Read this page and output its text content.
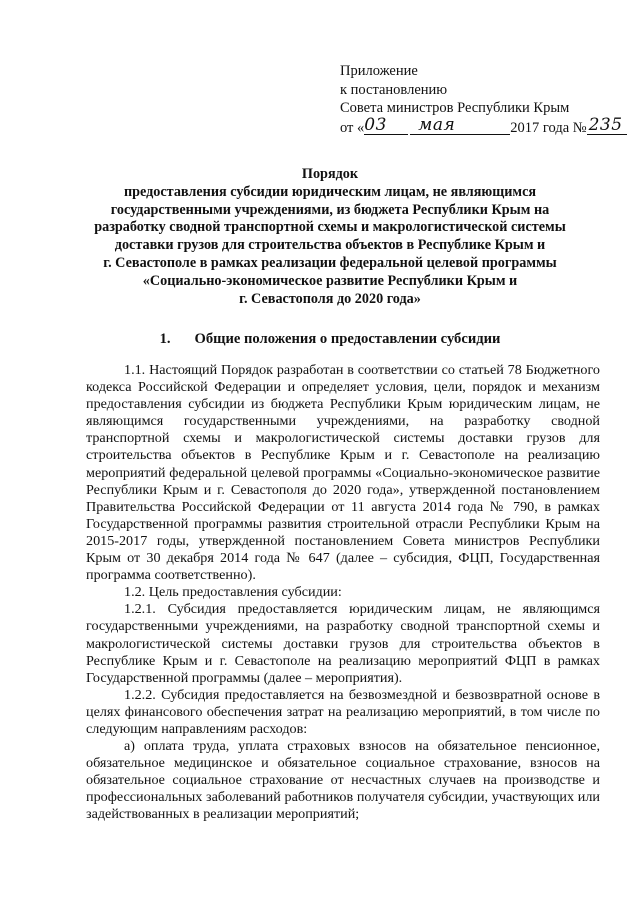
Приложение
к постановлению
Совета министров Республики Крым
от «03 мая	2017 года № 235
Порядок
предоставления субсидии юридическим лицам, не являющимся
государственными учреждениями, из бюджета Республики Крым на
разработку сводной транспортной схемы и макрологистической системы
доставки грузов для строительства объектов в Республике Крым и
г. Севастополе в рамках реализации федеральной целевой программы
«Социально-экономическое развитие Республики Крым и
г. Севастополя до 2020 года»
1. Общие положения о предоставлении субсидии

1.1. Настоящий Порядок разработан в соответствии со статьей 78 Бюджетного кодекса Российской Федерации и определяет условия, цели, порядок и механизм предоставления субсидии из бюджета Республики Крым юридическим лицам, не являющимся государственными учреждениями, на разработку сводной транспортной схемы и макрологистической системы доставки грузов для строительства объектов в Республике Крым и г. Севастополе на реализацию мероприятий федеральной целевой программы «Социально-экономическое развитие Республики Крым и г. Севастополя до 2020 года», утвержденной постановлением Правительства Российской Федерации от 11 августа 2014 года № 790, в рамках Государственной программы развития строительной отрасли Республики Крым на 2015-2017 годы, утвержденной постановлением Совета министров Республики Крым от 30 декабря 2014 года № 647 (далее – субсидия, ФЦП, Государственная программа соответственно).

1.2. Цель предоставления субсидии:

1.2.1. Субсидия предоставляется юридическим лицам, не являющимся государственными учреждениями, на разработку сводной транспортной схемы и макрологистической системы доставки грузов для строительства объектов в Республике Крым и г. Севастополе на реализацию мероприятий ФЦП в рамках Государственной программы (далее – мероприятия).

1.2.2. Субсидия предоставляется на безвозмездной и безвозвратной основе в целях финансового обеспечения затрат на реализацию мероприятий, в том числе по следующим направлениям расходов:

а) оплата труда, уплата страховых взносов на обязательное пенсионное, обязательное медицинское и обязательное социальное страхование, взносов на обязательное социальное страхование от несчастных случаев на производстве и профессиональных заболеваний работников получателя субсидии, участвующих или задействованных в реализации мероприятий;
